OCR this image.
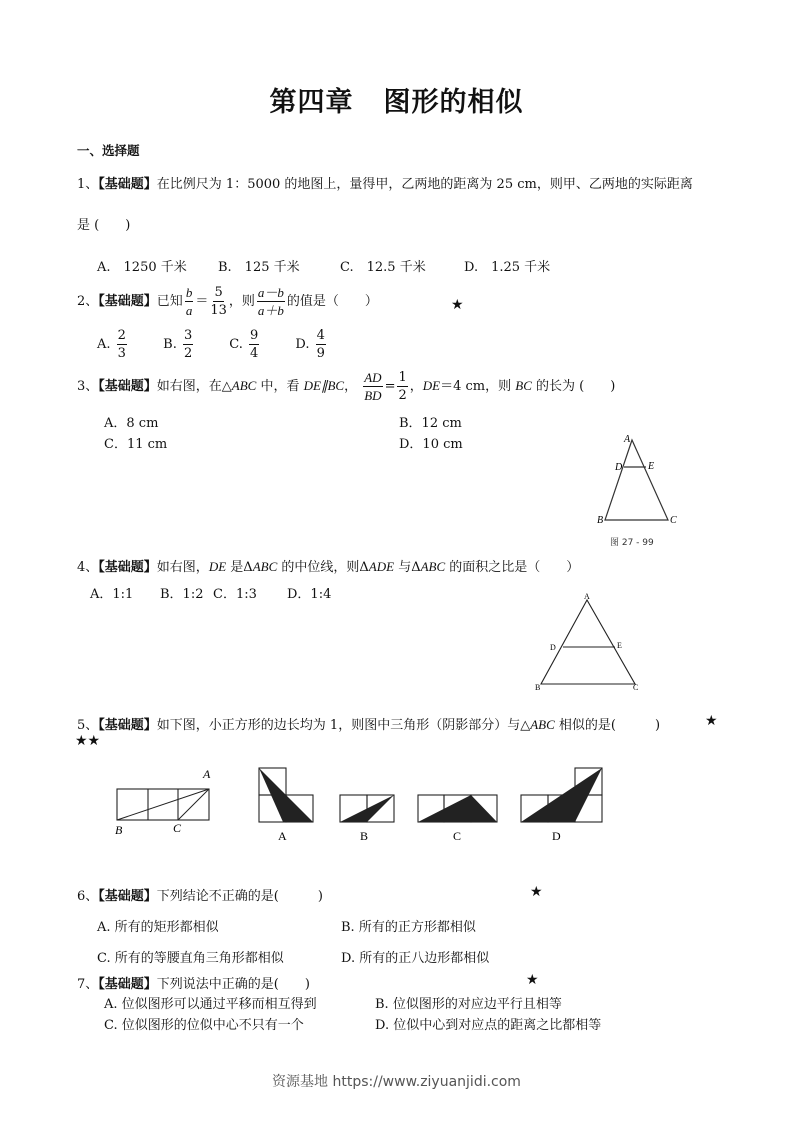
第四章 图形的相似
一、选择题
1、【基础题】在比例尺为 1：5000 的地图上，量得甲，乙两地的距离为 25 cm，则甲、乙两地的实际距离
是 (　　)
A.　1250 千米 B.　125 千米	C.　12.5 千米	D.　1.25 千米
2、【基础题】已知 $\frac{b}{a} = \frac{5}{13}$ ，则 $\frac{a-b}{a+b}$ 的值是（　　）	★
A. $\frac{2}{3}$	B. $\frac{3}{2}$	C. $\frac{9}{4}$	D. $\frac{4}{9}$
3、【基础题】如右图，在△ABC 中，看 DE∥BC， $\frac{AD}{BD} = \frac{1}{2}$ ，DE＝4 cm，则 BC 的长为 (　　)
A．8 cm	B．12 cm
C．11 cm	D．10 cm	A
D	E
B	C
图 27 - 99
4、【基础题】如右图，DE 是ΔABC 的中位线，则ΔADE 与ΔABC 的面积之比是（　　）
A．1:1 B．1:2 C．1:3 D．1:4	A
D	E
B	C
5、【基础题】如下图，小正方形的边长均为 1，则图中三角形（阴影部分）与△ABC 相似的是(　　　)	★
★★
A
B	C
A	B	C	D
6、【基础题】下列结论不正确的是(　　　)	★
A. 所有的矩形都相似	B. 所有的正方形都相似
C. 所有的等腰直角三角形都相似	D. 所有的正八边形都相似
7、【基础题】下列说法中正确的是(　　)	★
A. 位似图形可以通过平移而相互得到	B. 位似图形的对应边平行且相等
C. 位似图形的位似中心不只有一个	D. 位似中心到对应点的距离之比都相等
资源基地 https://www.ziyuanjidi.com
